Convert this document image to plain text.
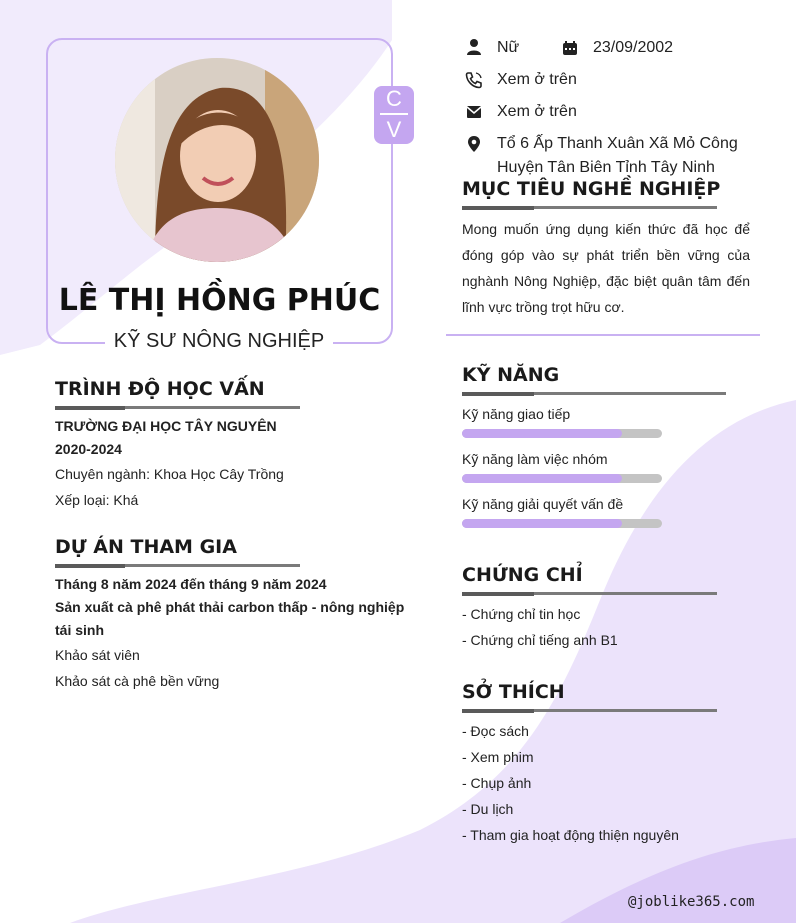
C
V
LÊ THỊ HỒNG PHÚC
KỸ SƯ NÔNG NGHIỆP
Nữ	23/09/2002
Xem ở trên
Xem ở trên
Tổ 6 Ấp Thanh Xuân Xã Mỏ Công
Huyện Tân Biên Tỉnh Tây Ninh
MỤC TIÊU NGHỀ NGHIỆP
Mong muốn ứng dụng kiến thức đã học để đóng góp vào sự phát triển bền vững của nghành Nông Nghiệp, đặc biệt quân tâm đến lĩnh vực trồng trọt hữu cơ.
TRÌNH ĐỘ HỌC VẤN
TRƯỜNG ĐẠI HỌC TÂY NGUYÊN
2020-2024
Chuyên ngành: Khoa Học Cây Trồng
Xếp loại: Khá
DỰ ÁN THAM GIA
Tháng 8 năm 2024 đến tháng 9 năm 2024
Sản xuất cà phê phát thải carbon thấp - nông nghiệp
tái sinh
Khảo sát viên
Khảo sát cà phê bền vững
KỸ NĂNG
Kỹ năng giao tiếp
Kỹ năng làm việc nhóm
Kỹ năng giải quyết vấn đề
CHỨNG CHỈ
- Chứng chỉ tin học
- Chứng chỉ tiếng anh B1
SỞ THÍCH
- Đọc sách
- Xem phim
- Chụp ảnh
- Du lịch
- Tham gia hoạt động thiện nguyên
@joblike365.com
